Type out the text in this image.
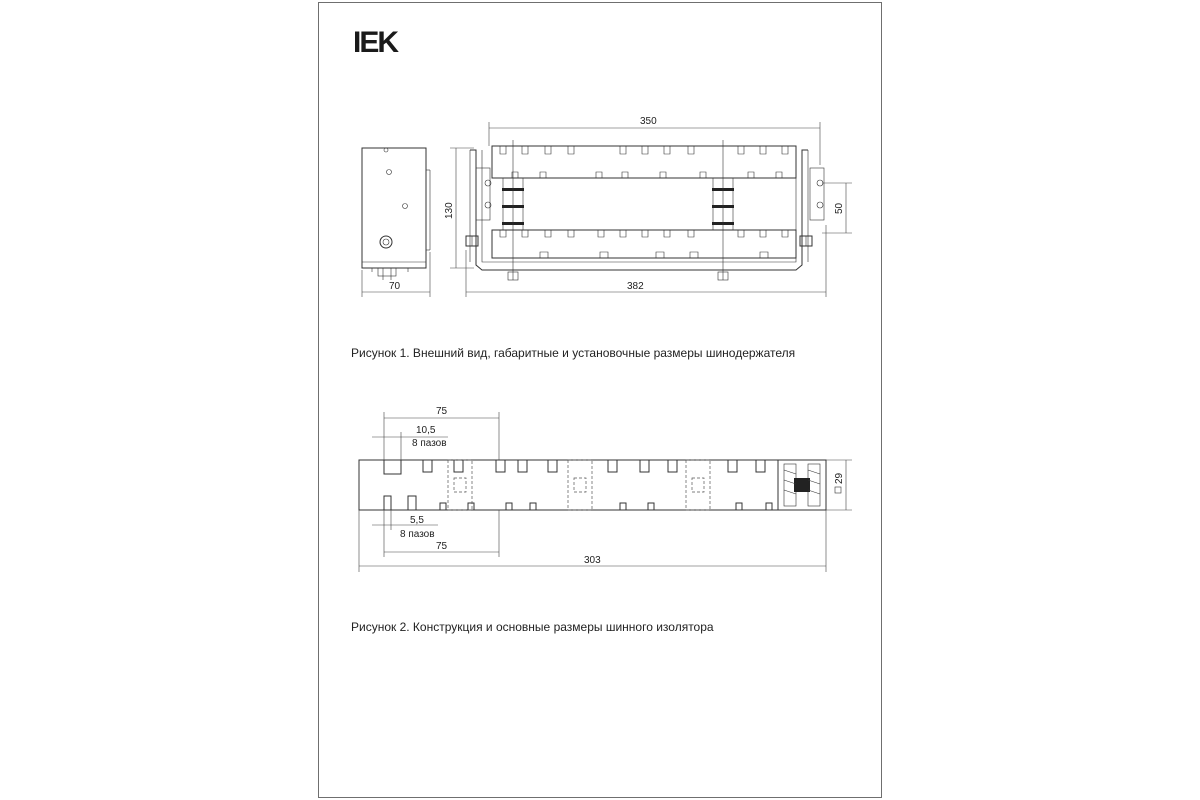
IEK
70
350
130	50
382
29
75
10,5
8 пазов
5,5
8 пазов
75
303
Рисунок 1. Внешний вид, габаритные и установочные размеры шинодержателя
Рисунок 2. Конструкция и основные размеры шинного изолятора
